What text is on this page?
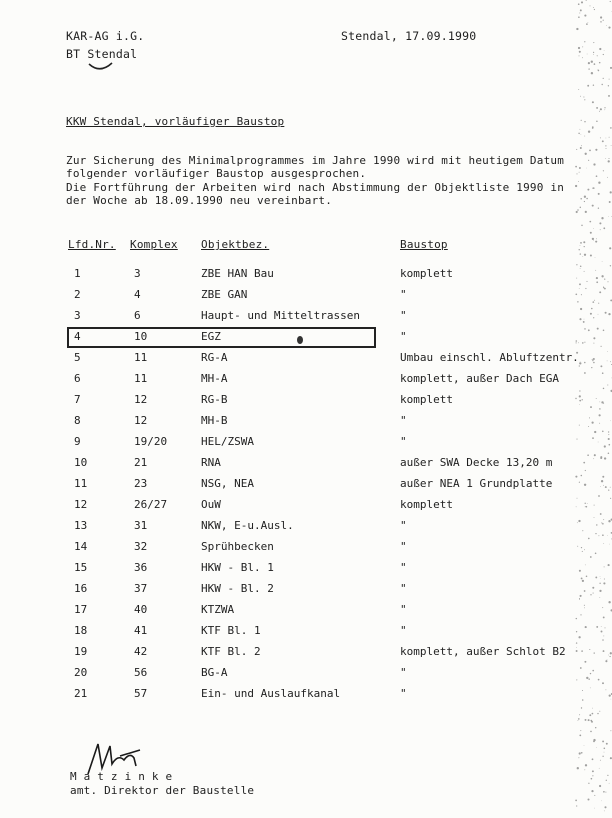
KAR-AG i.G.
BT Stendal
Stendal, 17.09.1990
KKW Stendal, vorläufiger Baustop
Zur Sicherung des Minimalprogrammes im Jahre 1990 wird mit heutigem Datum
folgender vorläufiger Baustop ausgesprochen.
Die Fortführung der Arbeiten wird nach Abstimmung der Objektliste 1990 in
der Woche ab 18.09.1990 neu vereinbart.
Lfd.Nr. Komplex Objektbez.	Baustop
1	3	ZBE HAN Bau	komplett
2	4	ZBE GAN	"
3	6	Haupt- und Mitteltrassen	"
4	10	EGZ	"
5	11	RG-A	Umbau einschl. Abluftzentr.
6	11	MH-A	komplett, außer Dach EGA
7	12	RG-B	komplett
8	12	MH-B	"
9	19/20	HEL/ZSWA	"
10	21	RNA	außer SWA Decke 13,20 m
11	23	NSG, NEA	außer NEA 1 Grundplatte
12	26/27	OuW	komplett
13	31	NKW, E-u.Ausl.	"
14	32	Sprühbecken	"
15	36	HKW - Bl. 1	"
16	37	HKW - Bl. 2	"
17	40	KTZWA	"
18	41	KTF Bl. 1	"
19	42	KTF Bl. 2	komplett, außer Schlot B2
20	56	BG-A	"
21	57	Ein- und Auslaufkanal	"
M a t z i n k e
amt. Direktor der Baustelle
